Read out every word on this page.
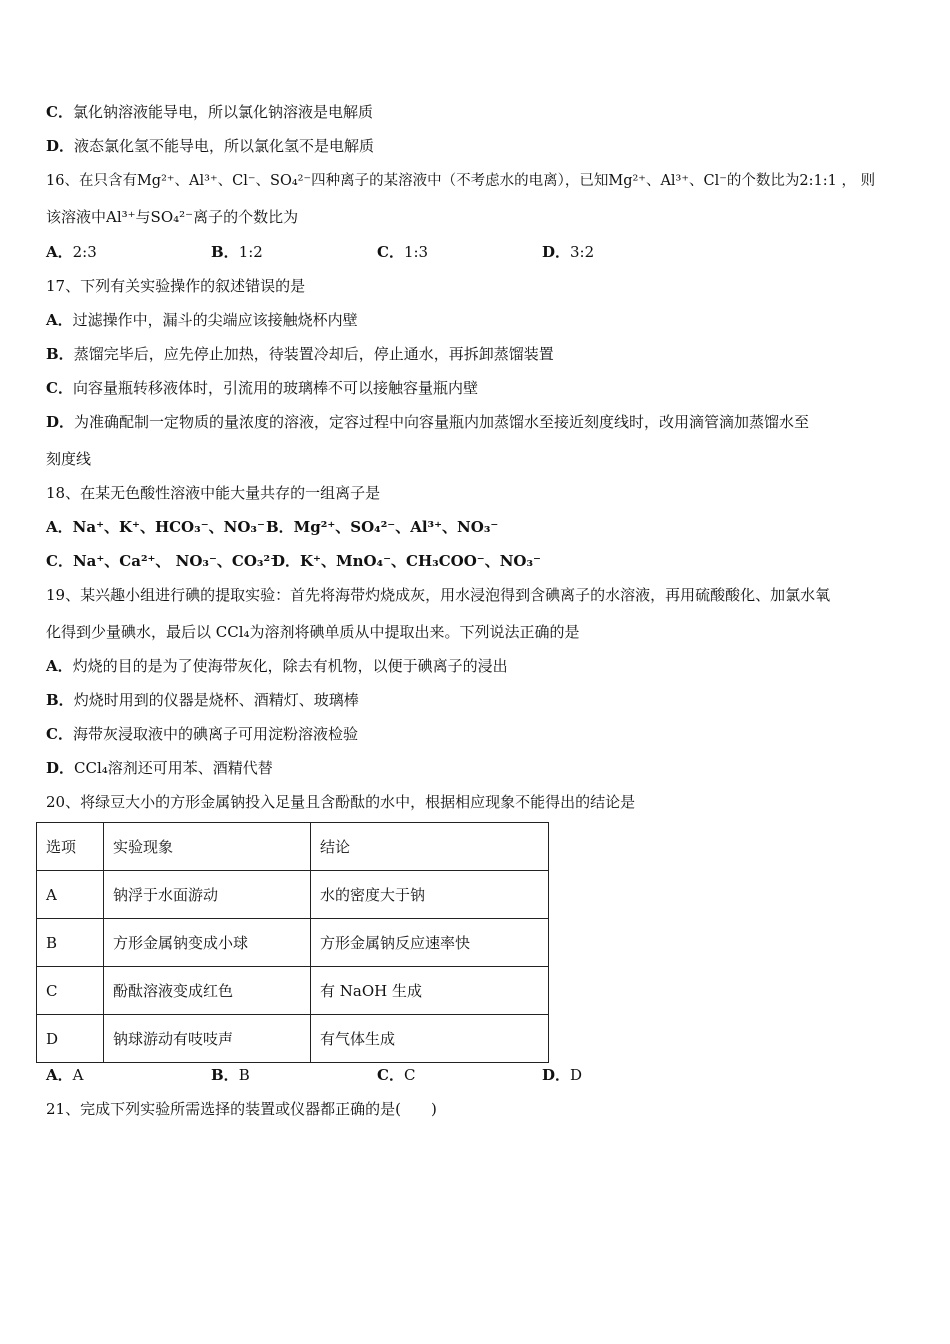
C．氯化钠溶液能导电，所以氯化钠溶液是电解质
D．液态氯化氢不能导电，所以氯化氢不是电解质
16、在只含有Mg²⁺、Al³⁺、Cl⁻、SO₄²⁻四种离子的某溶液中（不考虑水的电离），已知Mg²⁺、Al³⁺、Cl⁻的个数比为2:1:1 ， 则
该溶液中Al³⁺与SO₄²⁻离子的个数比为
A．2:3	B．1:2	C．1:3	D．3:2
17、下列有关实验操作的叙述错误的是
A．过滤操作中，漏斗的尖端应该接触烧杯内壁
B．蒸馏完毕后，应先停止加热，待装置冷却后，停止通水，再拆卸蒸馏装置
C．向容量瓶转移液体时，引流用的玻璃棒不可以接触容量瓶内壁
D．为准确配制一定物质的量浓度的溶液，定容过程中向容量瓶内加蒸馏水至接近刻度线时，改用滴管滴加蒸馏水至
刻度线
18、在某无色酸性溶液中能大量共存的一组离子是
A．Na⁺、K⁺、HCO₃⁻、NO₃⁻ B．Mg²⁺、SO₄²⁻、Al³⁺、NO₃⁻
C．Na⁺、Ca²⁺、 NO₃⁻、CO₃²⁻
D．K⁺、MnO₄⁻、CH₃COO⁻、NO₃⁻
19、某兴趣小组进行碘的提取实验：首先将海带灼烧成灰，用水浸泡得到含碘离子的水溶液，再用硫酸酸化、加氯水氧
化得到少量碘水，最后以 CCl₄为溶剂将碘单质从中提取出来。下列说法正确的是
A．灼烧的目的是为了使海带灰化，除去有机物，以便于碘离子的浸出
B．灼烧时用到的仪器是烧杯、酒精灯、玻璃棒
C．海带灰浸取液中的碘离子可用淀粉溶液检验
D．CCl₄溶剂还可用苯、酒精代替
20、将绿豆大小的方形金属钠投入足量且含酚酞的水中，根据相应现象不能得出的结论是
选项	实验现象	结论
A	钠浮于水面游动	水的密度大于钠
B	方形金属钠变成小球	方形金属钠反应速率快
C	酚酞溶液变成红色	有 NaOH 生成
D	钠球游动有吱吱声	有气体生成
A．A	B．B	C．C	D．D
21、完成下列实验所需选择的装置或仪器都正确的是(　　)
